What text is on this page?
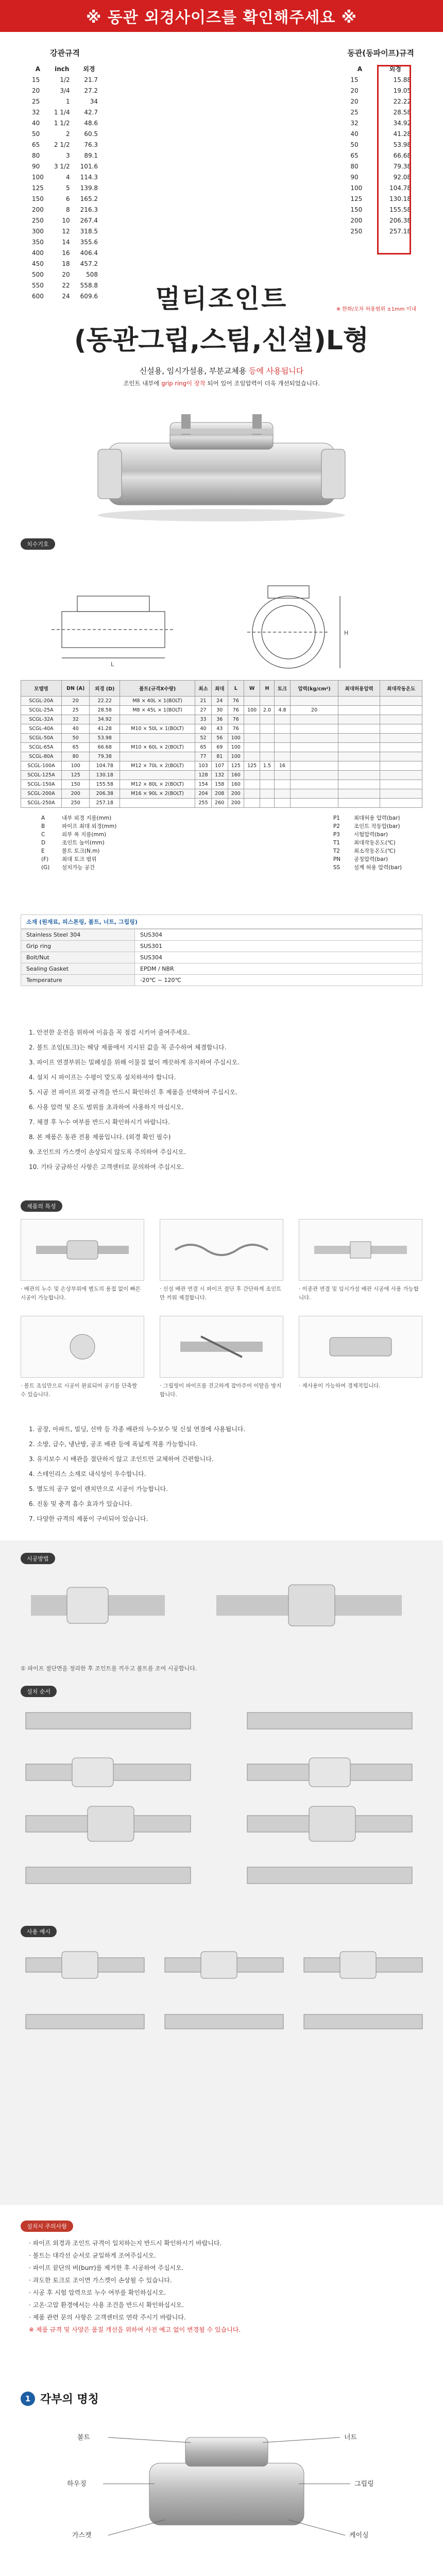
※ 동관 외경사이즈를 확인해주세요 ※
강관규격		
A	inch	외경
15	1/2	21.7
20	3/4	27.2
25	1	34
32	1 1/4	42.7
40	1 1/2	48.6
50	2	60.5
65	2 1/2	76.3
80	3	89.1
90	3 1/2	101.6
100	4	114.3
125	5	139.8
150	6	165.2
200	8	216.3
250	10	267.4
300	12	318.5
350	14	355.6
400	16	406.4
450	18	457.2
500	20	508
550	22	558.8
600	24	609.6
동관(동파이프)규격	
A	외경
15	15.88
20	19.05
20	22.22
25	28.58
32	34.92
40	41.28
50	53.98
65	66.68
80	79.38
90	92.08
100	104.78
125	130.18
150	155.58
200	206.38
250	257.18
※ 한화/오차 허용범위 ±1mm 이내
멀티조인트
(동관그립,스팀,신설)L형
신설용, 임시가설용, 부분교체용 등에 사용됩니다
조인트 내부에 grip ring이 장착 되어 있어 조임압력이 더욱 개선되었습니다.
치수기호
L
H
모델명	DN (A)	외경 (D)	볼트(규격X수량)	최소	최대	L	W	H	토크	압력(kg/cm²)	최대허용압력	최대작동온도
SCGL-20A	20	22.22	M8 × 40L × 1(BOLT)	21	24	76						
SCGL-25A	25	28.58	M8 × 45L × 1(BOLT)	27	30	76	100	2.0	4.8	20		
SCGL-32A	32	34.92		33	36	76						
SCGL-40A	40	41.28	M10 × 50L × 1(BOLT)	40	43	76						
SCGL-50A	50	53.98		52	56	100						
SCGL-65A	65	66.68	M10 × 60L × 2(BOLT)	65	69	100						
SCGL-80A	80	79.38		77	81	100						
SCGL-100A	100	104.78	M12 × 70L × 2(BOLT)	103	107	125	125	1.5	16			
SCGL-125A	125	130.18		128	132	160						
SCGL-150A	150	155.58	M12 × 80L × 2(BOLT)	154	158	160						
SCGL-200A	200	206.38	M16 × 90L × 2(BOLT)	204	208	200						
SCGL-250A	250	257.18		255	260	200						
A	내부 외경 지름(mm)
B	파이프 최대 외경(mm)
C	외부 폭 지름(mm)
D	조인트 높이(mm)
E	볼트 토크(N.m)
(F) 최대 토크 범위
(G) 설치가능 공간
P1	최대허용 압력(bar)
P2	조인트 작동압(bar)
P3	시험압력(bar)
T1	최대작동온도(℃)
T2	최소작동온도(℃)
PN 공칭압력(bar)
SS	설계 허용 압력(bar)
소재 (원재료, 피스톤링, 볼트, 너트, 그립링)
Stainless Steel 304	SUS304
Grip ring	SUS301
Bolt/Nut	SUS304
Sealing Gasket	EPDM / NBR
Temperature	-20℃ ~ 120℃
1. 안전한 운전을 위하여 이음을 꼭 점검 시키어 줄여주세요.
2. 볼트 조임(토크)는 해당 제품에서 지시된 값을 꼭 준수하여 체결합니다.
3. 파이프 연결부위는 밀폐성을 위해 이물질 없이 깨끗하게 유지하여 주십시오.
4. 설치 시 파이프는 수평이 맞도록 설치하셔야 합니다.
5. 시공 전 파이프 외경 규격을 반드시 확인하신 후 제품을 선택하여 주십시오.
6. 사용 압력 및 온도 범위를 초과하여 사용하지 마십시오.
7. 체결 후 누수 여부를 반드시 확인하시기 바랍니다.
8. 본 제품은 동관 전용 제품입니다. (외경 확인 필수)
9. 조인트의 가스켓이 손상되지 않도록 주의하여 주십시오.
10. 기타 궁금하신 사항은 고객센터로 문의하여 주십시오.
제품의 특성
· 배관의 누수 및 손상부위에 별도의 용접 없이 빠른 시공이 가능합니다.
· 신설 배관 연결 시 파이프 절단 후 간단하게 조인트만 끼워 체결합니다.
· 이종관 연결 및 임시가설 배관 시공에 사용 가능합니다.
· 볼트 조임만으로 시공이 완료되어 공기를 단축할 수 있습니다.
· 그립링이 파이프를 견고하게 잡아주어 이탈을 방지합니다.
· 재사용이 가능하여 경제적입니다.
1. 공장, 아파트, 빌딩, 선박 등 각종 배관의 누수보수 및 신설 연결에 사용됩니다.
2. 소방, 급수, 냉난방, 공조 배관 등에 폭넓게 적용 가능합니다.
3. 유지보수 시 배관을 절단하지 않고 조인트만 교체하여 간편합니다.
4. 스테인리스 소재로 내식성이 우수합니다.
5. 별도의 공구 없이 렌치만으로 시공이 가능합니다.
6. 진동 및 충격 흡수 효과가 있습니다.
7. 다양한 규격의 제품이 구비되어 있습니다.
시공방법
① 파이프 절단면을 정리한 후 조인트를 끼우고 볼트를 조여 시공합니다.
설치 순서
사용 예시
설치시 주의사항
· 파이프 외경과 조인트 규격이 일치하는지 반드시 확인하시기 바랍니다.
· 볼트는 대각선 순서로 균일하게 조여주십시오.
· 파이프 끝단의 버(burr)를 제거한 후 시공하여 주십시오.
· 과도한 토크로 조이면 가스켓이 손상될 수 있습니다.
· 시공 후 시험 압력으로 누수 여부를 확인하십시오.
· 고온·고압 환경에서는 사용 조건을 반드시 확인하십시오.
· 제품 관련 문의 사항은 고객센터로 연락 주시기 바랍니다.
※ 제품 규격 및 사양은 품질 개선을 위하여 사전 예고 없이 변경될 수 있습니다.
1 각부의 명칭
볼트	너트
하우징	그립링
가스켓	케이싱
